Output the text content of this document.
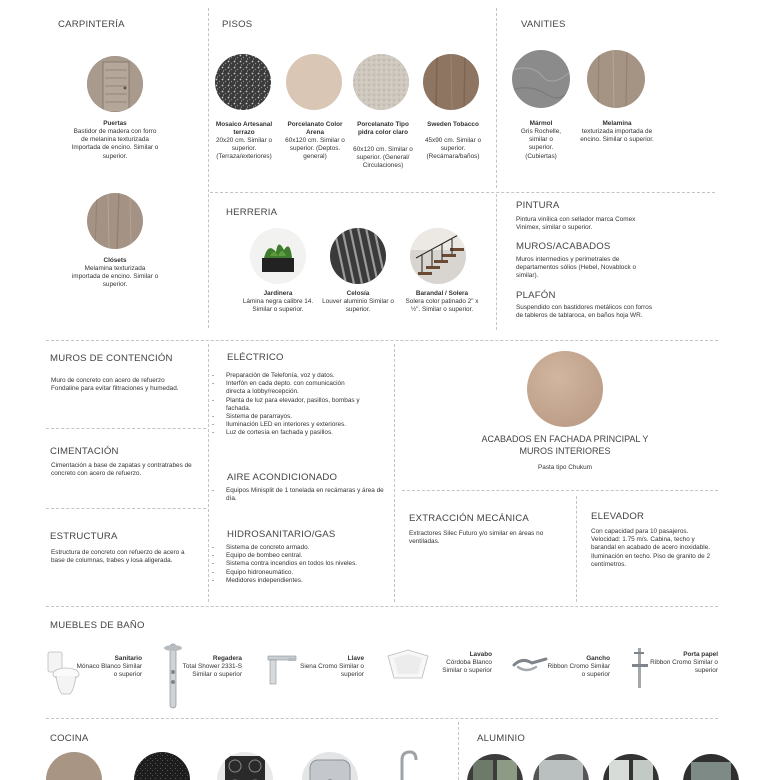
CARPINTERÍA
Puertas
Bastidor de madera con forro de melanina texturizada Importada de encino. Similar o superior.
Clósets
Melamina texturizada importada de encino. Similar o superior.
PISOS
Mosaico Artesanal terrazo
20x20 cm. Similar o superior. (Terraza/exteriores)
Porcelanato Color Arena
60x120 cm. Similar o superior. (Deptos. general)
Porcelanato Tipo pidra color claro
60x120 cm. Similar o superior. (General/ Circulaciones)
Sweden Tobacco
45x90 cm. Similar o superior. (Recámara/baños)
VANITIES
Mármol
Gris Rochelle, similar o superior. (Cubiertas)
Melamina
texturizada importada de encino. Similar o superior.
HERRERIA
Jardinera
Lámina negra calibre 14. Similar o superior.
Celosía
Louver aluminio Similar o superior.
Barandal / Solera
Solera color patinado 2" x ½". Similar o superior.
PINTURA
Pintura vinílica con sellador marca Comex Vinimex, similar o superior.
MUROS/ACABADOS
Muros intermedios y perimetrales de departamentos sólios (Hebel, Novablock o similar).
PLAFÓN
Suspendido con bastidores metálicos con forros de tableros de tablaroca, en baños hoja WR.
MUROS DE CONTENCIÓN
Muro de concreto con acero de refuerzo Fondaline para evitar filtraciones y humedad.
CIMENTACIÓN
Cimentación a base de zapatas y contratrabes de concreto con acero de refuerzo.
ESTRUCTURA
Estructura de concreto con refuerzo de acero a base de columnas, trabes y losa aligerada.
ELÉCTRICO
- Preparación de Telefonía, voz y datos.
- Interfón en cada depto. con comunicación directa a lobby/recepción.
- Planta de luz para elevador, pasillos, bombas y fachada.
- Sistema de pararrayos.
- Iluminación LED en interiores y exteriores.
- Luz de cortesía en fachada y pasillos.
AIRE ACONDICIONADO
- Equipos Minisplit de 1 tonelada en recámaras y área de día.
HIDROSANITARIO/GAS
- Sistema de concreto armado.
- Equipo de bombeo central.
- Sistema contra incendios en todos los niveles.
- Equipo hidroneumático.
- Medidores independientes.
ACABADOS EN FACHADA PRINCIPAL Y MUROS INTERIORES
Pasta tipo Chukum
EXTRACCIÓN MECÁNICA
Extractores Silec Futuro y/o similar en áreas no ventiladas.
ELEVADOR
Con capacidad para 10 pasajeros. Velocidad: 1.75 m/s. Cabina, techo y barandal en acabado de acero inoxidable. Iluminación en techo. Piso de granito de 2 centímetros.
MUEBLES DE BAÑO
Sanitario
Mónaco Blanco Similar o superior
Regadera
Total Shower 2331-S Similar o superior
Llave
Siena Cromo Similar o superior
Lavabo
Córdoba Blanco Similar o superior
Gancho
Ribbon Cromo Similar o superior
Porta papel
Ribbon Cromo Similar o superior
COCINA	ALUMINIO
